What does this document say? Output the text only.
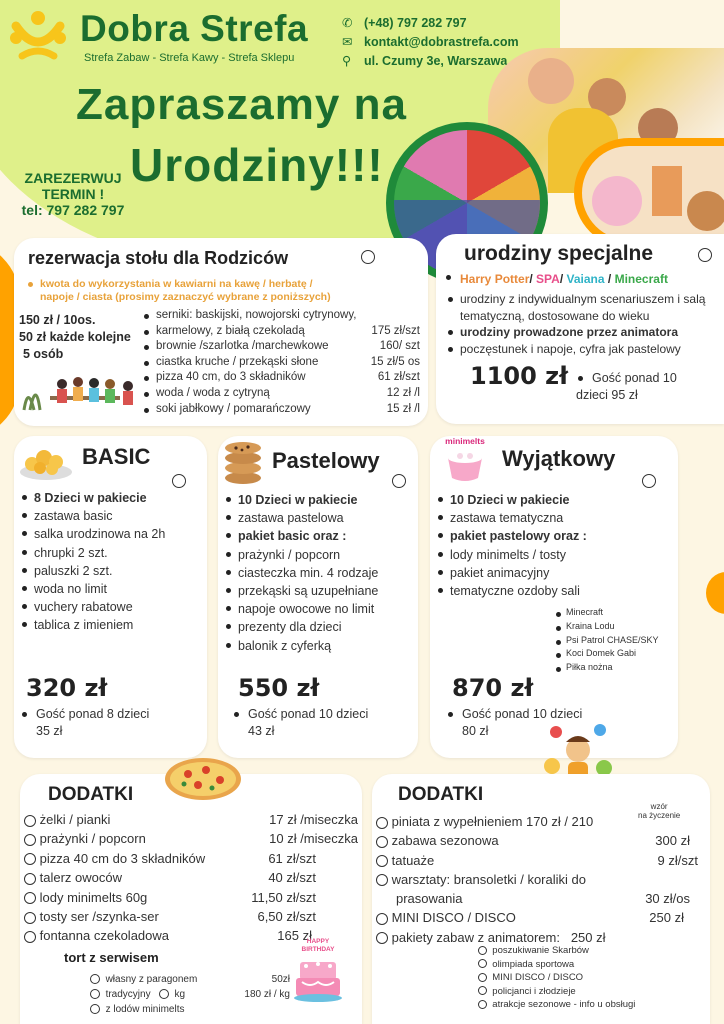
Dobra Strefa
Strefa Zabaw - Strefa Kawy - Strefa Sklepu
✆ (+48) 797 282 797
✉ kontakt@dobrastrefa.com
⚲ ul. Czumy 3e, Warszawa
Zapraszamy na
Urodziny!!!
ZAREZERWUJ
TERMIN !
tel: 797 282 797
rezerwacja stołu dla Rodziców
kwota do wykorzystania w kawiarni na kawę / herbatę /
napoje / ciasta (prosimy zaznaczyć wybrane z poniższych)
150 zł / 10os.
50 zł każde kolejne
5 osób
serniki: baskijski, nowojorski cytrynowy,
karmelowy, z białą czekoladą	175 zł/szt
brownie /szarlotka /marchewkowe	160/ szt
ciastka kruche / przekąski słone	15 zł/5 os
pizza 40 cm, do 3 składników	61 zł/szt
woda / woda z cytryną	12 zł /l
soki jabłkowy / pomarańczowy	15 zł /l
urodziny specjalne
Harry Potter/ SPA/ Vaiana / Minecraft
urodziny z indywidualnym scenariuszem i salą tematyczną, dostosowane do wieku
urodziny prowadzone przez animatora
poczęstunek i napoje, cyfra jak pastelowy
1100 zł	Gość ponad 10
dzieci 95 zł
BASIC
8 Dzieci w pakiecie
zastawa basic
salka urodzinowa na 2h
chrupki 2 szt.
paluszki 2 szt.
woda no limit
vuchery rabatowe
tablica z imieniem
320 zł
Gość ponad 8 dzieci
35 zł
Pastelowy
10 Dzieci w pakiecie
zastawa pastelowa
pakiet basic oraz :
prażynki / popcorn
ciasteczka min. 4 rodzaje
przekąski są uzupełniane
napoje owocowe no limit
prezenty dla dzieci
balonik z cyferką
550 zł
Gość ponad 10 dzieci
43 zł
minimelts
Wyjątkowy
10 Dzieci w pakiecie
zastawa tematyczna
pakiet pastelowy oraz :
lody minimelts / tosty
pakiet animacyjny
tematyczne ozdoby sali
Minecraft
Kraina Lodu
Psi Patrol CHASE/SKY
Koci Domek Gabi
Piłka nożna
870 zł
Gość ponad 10 dzieci
80 zł
DODATKI
żelki / pianki	17 zł /miseczka
prażynki / popcorn	10 zł /miseczka
pizza 40 cm do 3 składników	61 zł/szt
talerz owoców	40 zł/szt
lody minimelts 60g	11,50 zł/szt
tosty ser /szynka-ser	6,50 zł/szt
fontanna czekoladowa	165 zł
tort z serwisem
własny z paragonem	50zł
tradycyjny kg	180 zł / kg
z lodów minimelts
HAPPY BIRTHDAY
DODATKI
wzór
na życzenie
piniata z wypełnieniem 170 zł / 210
zabawa sezonowa	300 zł
tatuaże	9 zł/szt
warsztaty: bransoletki / koraliki do
prasowania	30 zł/os
MINI DISCO / DISCO	250 zł
pakiety zabaw z animatorem: 250 zł
poszukiwanie Skarbów
olimpiada sportowa
MINI DISCO / DISCO
policjanci i złodzieje
atrakcje sezonowe - info u obsługi
